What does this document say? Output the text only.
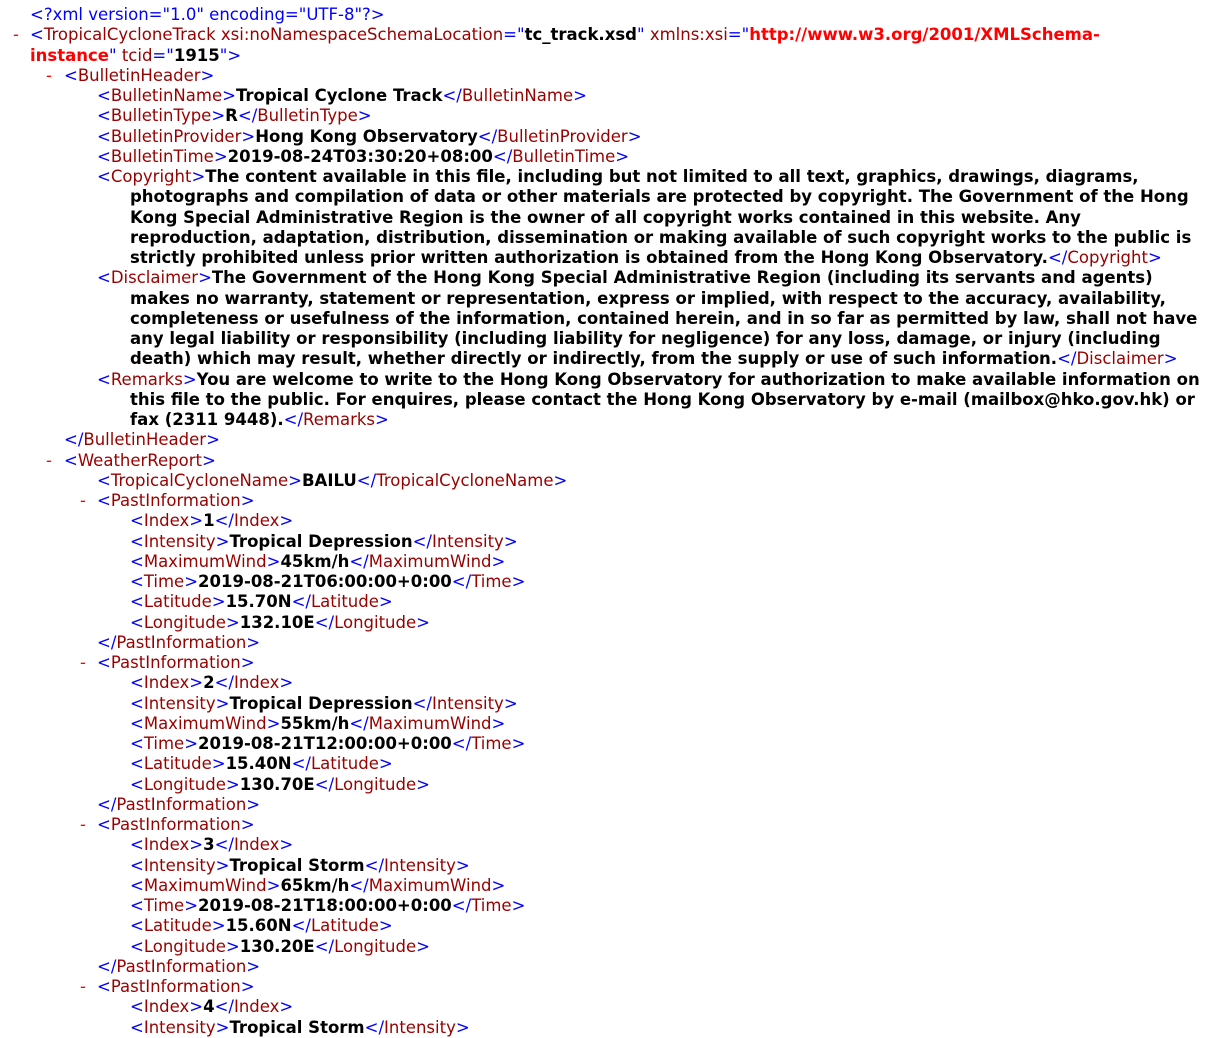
<?xml version="1.0" encoding="UTF-8"?>
- <TropicalCycloneTrack xsi:noNamespaceSchemaLocation="tc_track.xsd" xmlns:xsi="http://www.w3.org/2001/XMLSchema-instance" tcid="1915">
- <BulletinHeader>
<BulletinName>Tropical Cyclone Track</BulletinName>
<BulletinType>R</BulletinType>
<BulletinProvider>Hong Kong Observatory</BulletinProvider>
<BulletinTime>2019-08-24T03:30:20+08:00</BulletinTime>
<Copyright>The content available in this file, including but not limited to all text, graphics, drawings, diagrams, photographs and compilation of data or other materials are protected by copyright. The Government of the Hong Kong Special Administrative Region is the owner of all copyright works contained in this website. Any reproduction, adaptation, distribution, dissemination or making available of such copyright works to the public is strictly prohibited unless prior written authorization is obtained from the Hong Kong Observatory.</Copyright>
<Disclaimer>The Government of the Hong Kong Special Administrative Region (including its servants and agents) makes no warranty, statement or representation, express or implied, with respect to the accuracy, availability, completeness or usefulness of the information, contained herein, and in so far as permitted by law, shall not have any legal liability or responsibility (including liability for negligence) for any loss, damage, or injury (including death) which may result, whether directly or indirectly, from the supply or use of such information.</Disclaimer>
<Remarks>You are welcome to write to the Hong Kong Observatory for authorization to make available information on this file to the public. For enquires, please contact the Hong Kong Observatory by e-mail (mailbox@hko.gov.hk) or fax (2311 9448).</Remarks>
</BulletinHeader>
- <WeatherReport>
<TropicalCycloneName>BAILU</TropicalCycloneName>
- <PastInformation>
<Index>1</Index>
<Intensity>Tropical Depression</Intensity>
<MaximumWind>45km/h</MaximumWind>
<Time>2019-08-21T06:00:00+0:00</Time>
<Latitude>15.70N</Latitude>
<Longitude>132.10E</Longitude>
</PastInformation>
- <PastInformation>
<Index>2</Index>
<Intensity>Tropical Depression</Intensity>
<MaximumWind>55km/h</MaximumWind>
<Time>2019-08-21T12:00:00+0:00</Time>
<Latitude>15.40N</Latitude>
<Longitude>130.70E</Longitude>
</PastInformation>
- <PastInformation>
<Index>3</Index>
<Intensity>Tropical Storm</Intensity>
<MaximumWind>65km/h</MaximumWind>
<Time>2019-08-21T18:00:00+0:00</Time>
<Latitude>15.60N</Latitude>
<Longitude>130.20E</Longitude>
</PastInformation>
- <PastInformation>
<Index>4</Index>
<Intensity>Tropical Storm</Intensity>
